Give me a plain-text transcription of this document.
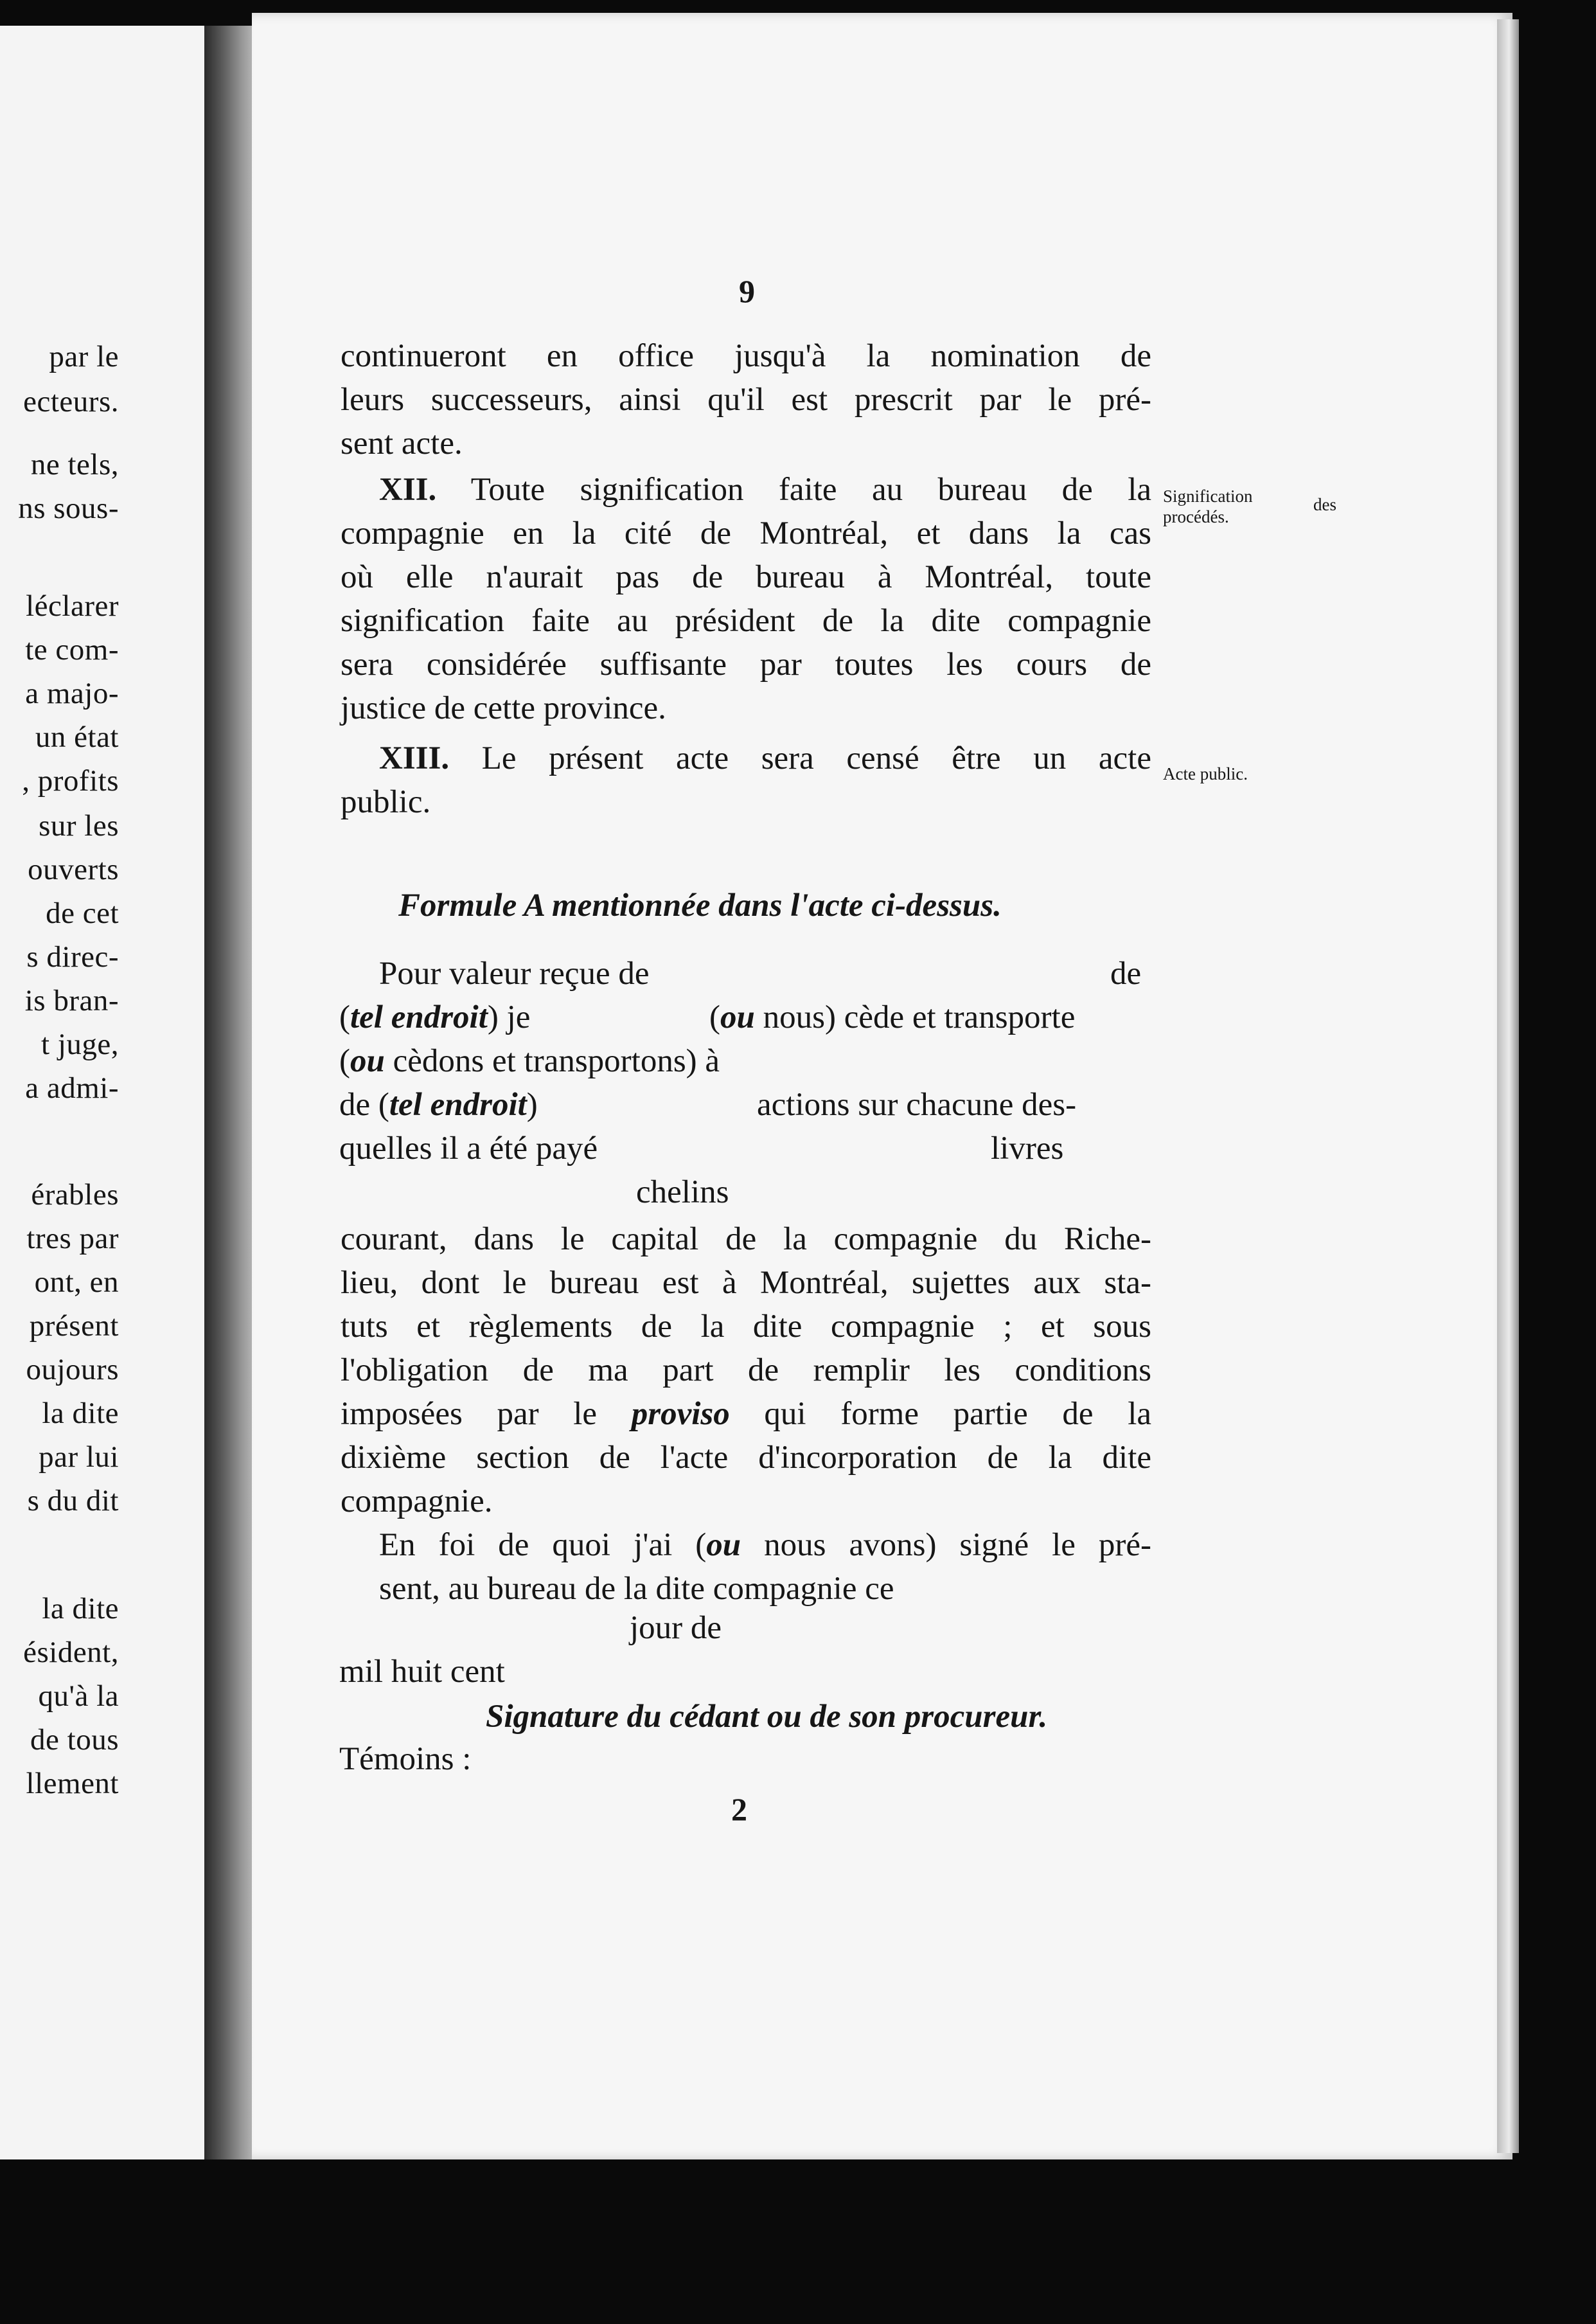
par le
ecteurs.
ne tels,
ns sous-
léclarer
te com-
a majo-
un état
, profits
sur les
ouverts
de cet
s direc-
is bran-
t juge,
a admi-
érables
tres par
ont, en
présent
oujours
la dite
par lui
s du dit
la dite
ésident,
qu'à la
de tous
llement
9
continueront en office jusqu'à la nomination de
leurs successeurs, ainsi qu'il est prescrit par le pré-
sent acte.
XII. Toute signification faite au bureau de la
compagnie en la cité de Montréal, et dans la cas
où elle n'aurait pas de bureau à Montréal, toute
signification faite au président de la dite compagnie
sera considérée suffisante par toutes les cours de
justice de cette province.
XIII. Le présent acte sera censé être un acte
public.
Signification	des
procédés.
Acte public.
Formule A mentionnée dans l'acte ci-dessus.
Pour valeur reçue de	de
(tel endroit) je	(ou nous) cède et transporte
(ou cèdons et transportons) à
de (tel endroit)	actions sur chacune des-
quelles il a été payé	livres
chelins
courant, dans le capital de la compagnie du Riche-
lieu, dont le bureau est à Montréal, sujettes aux sta-
tuts et règlements de la dite compagnie ; et sous
l'obligation de ma part de remplir les conditions
imposées par le proviso qui forme partie de la
dixième section de l'acte d'incorporation de la dite
compagnie.
En foi de quoi j'ai (ou nous avons) signé le pré-
sent, au bureau de la dite compagnie ce
jour de
mil huit cent
Signature du cédant ou de son procureur.
Témoins :
2
